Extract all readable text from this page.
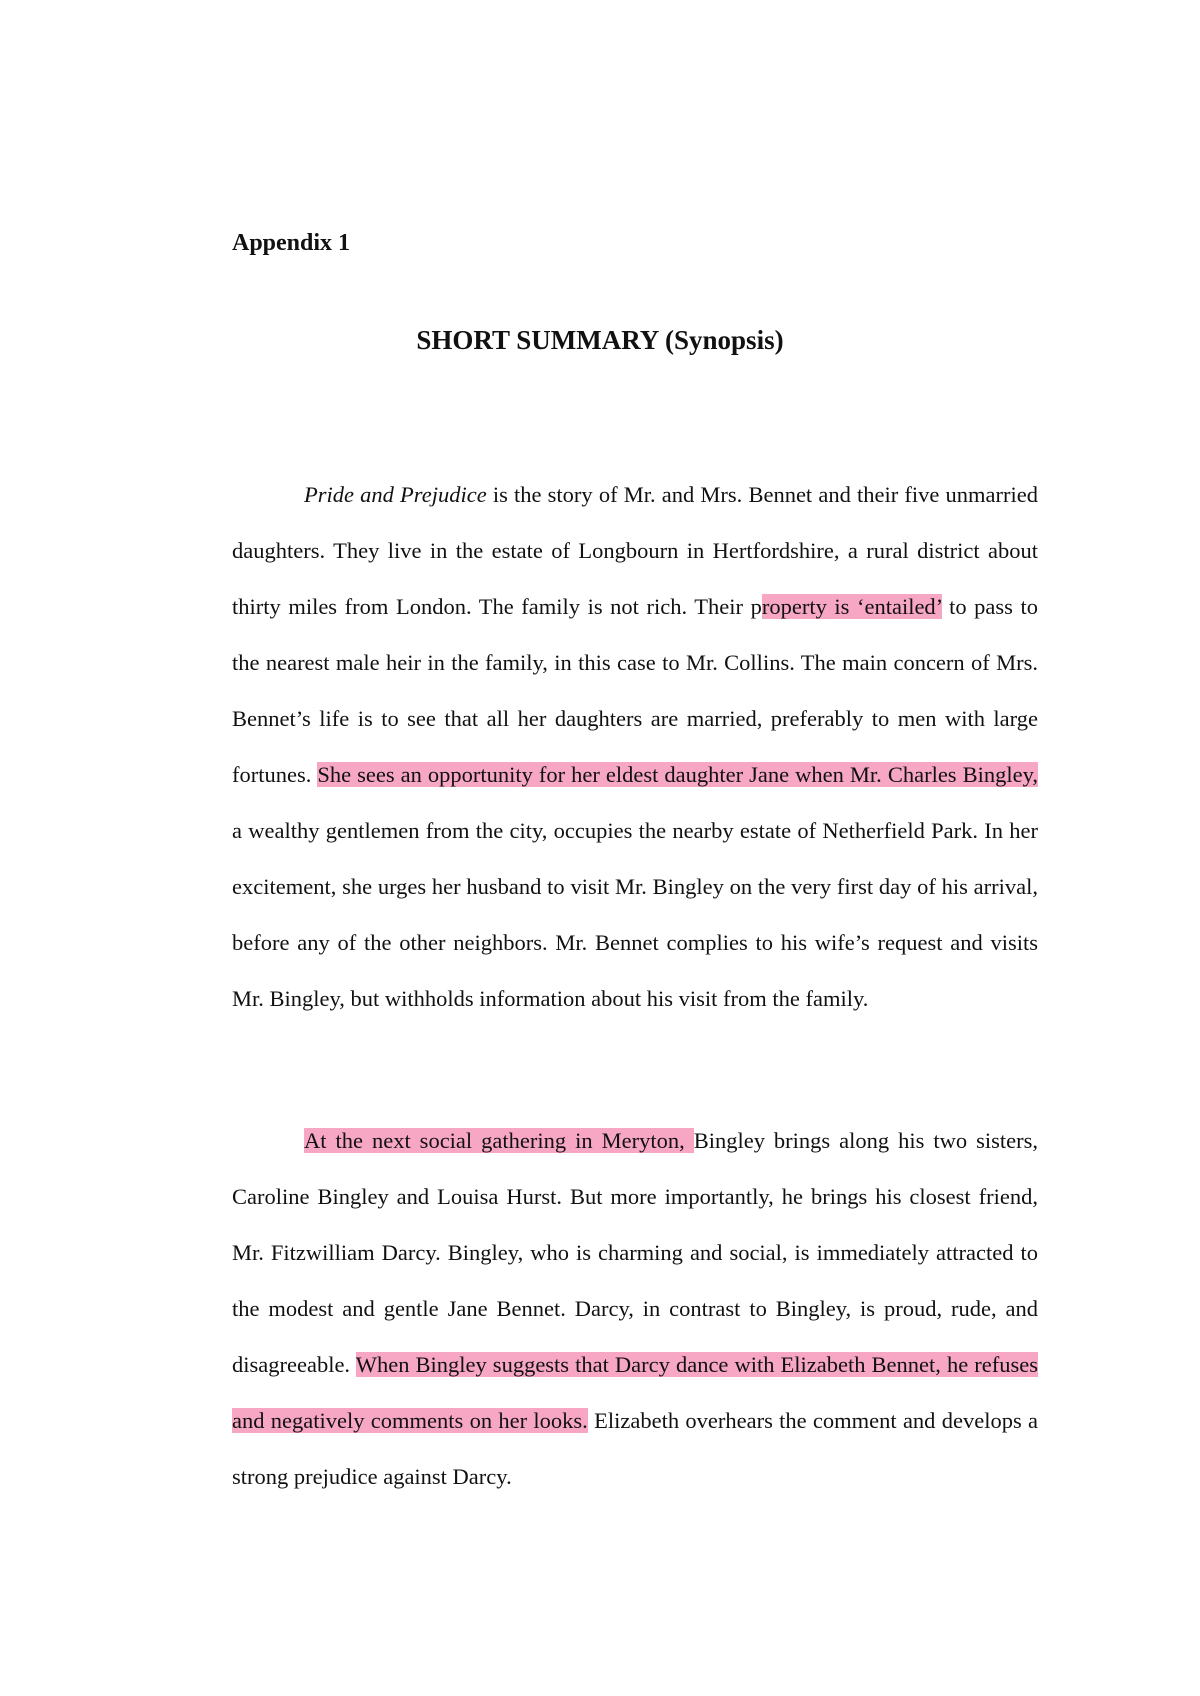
Appendix 1

SHORT SUMMARY (Synopsis)

Pride and Prejudice is the story of Mr. and Mrs. Bennet and their five unmarried daughters. They live in the estate of Longbourn in Hertfordshire, a rural district about thirty miles from London. The family is not rich. Their property is ‘entailed’ to pass to the nearest male heir in the family, in this case to Mr. Collins. The main concern of Mrs. Bennet’s life is to see that all her daughters are married, preferably to men with large fortunes. She sees an opportunity for her eldest daughter Jane when Mr. Charles Bingley, a wealthy gentlemen from the city, occupies the nearby estate of Netherfield Park. In her excitement, she urges her husband to visit Mr. Bingley on the very first day of his arrival, before any of the other neighbors. Mr. Bennet complies to his wife’s request and visits Mr. Bingley, but withholds information about his visit from the family.

At the next social gathering in Meryton, Bingley brings along his two sisters, Caroline Bingley and Louisa Hurst. But more importantly, he brings his closest friend, Mr. Fitzwilliam Darcy. Bingley, who is charming and social, is immediately attracted to the modest and gentle Jane Bennet. Darcy, in contrast to Bingley, is proud, rude, and disagreeable. When Bingley suggests that Darcy dance with Elizabeth Bennet, he refuses and negatively comments on her looks. Elizabeth overhears the comment and develops a strong prejudice against Darcy.
